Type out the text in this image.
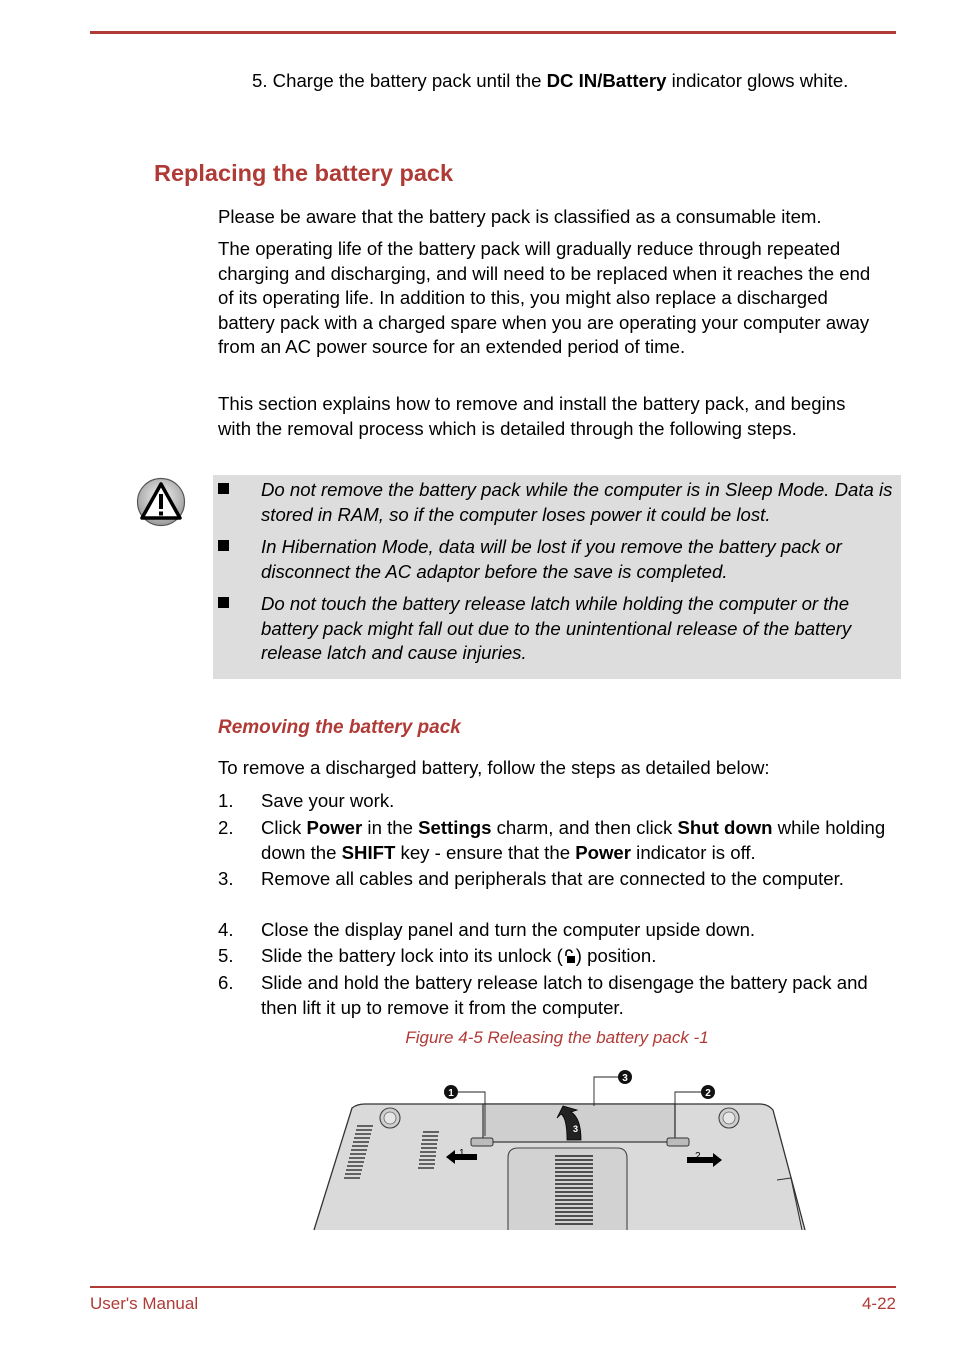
5. Charge the battery pack until the DC IN/Battery indicator glows white.
Replacing the battery pack
Please be aware that the battery pack is classified as a consumable item.
The operating life of the battery pack will gradually reduce through repeated charging and discharging, and will need to be replaced when it reaches the end of its operating life. In addition to this, you might also replace a discharged battery pack with a charged spare when you are operating your computer away from an AC power source for an extended period of time.
This section explains how to remove and install the battery pack, and begins with the removal process which is detailed through the following steps.
Do not remove the battery pack while the computer is in Sleep Mode. Data is stored in RAM, so if the computer loses power it could be lost.
In Hibernation Mode, data will be lost if you remove the battery pack or disconnect the AC adaptor before the save is completed.
Do not touch the battery release latch while holding the computer or the battery pack might fall out due to the unintentional release of the battery release latch and cause injuries.
Removing the battery pack
To remove a discharged battery, follow the steps as detailed below:
1. Save your work.
2. Click Power in the Settings charm, and then click Shut down while holding down the SHIFT key - ensure that the Power indicator is off.
3. Remove all cables and peripherals that are connected to the computer.
4. Close the display panel and turn the computer upside down.
5. Slide the battery lock into its unlock ( ) position.
6. Slide and hold the battery release latch to disengage the battery pack and then lift it up to remove it from the computer.
Figure 4-5 Releasing the battery pack -1
1	2
3
1	2
3
User's Manual	4-22
